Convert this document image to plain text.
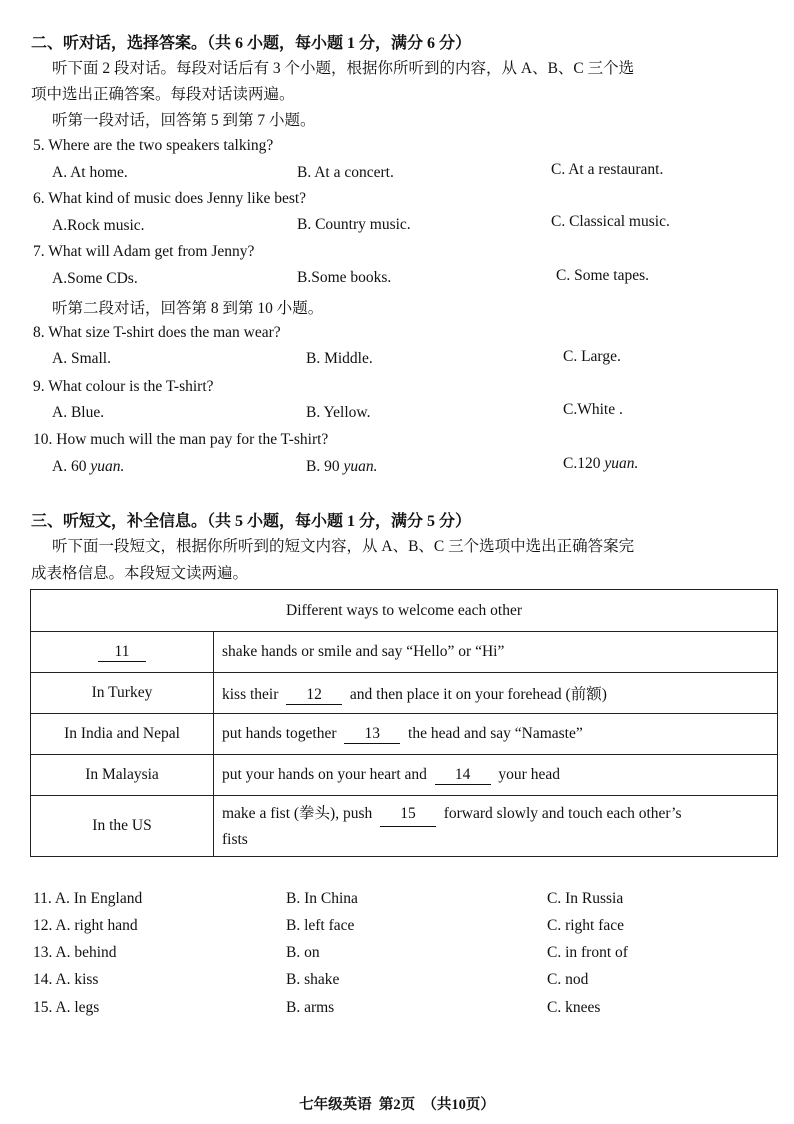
二、听对话，选择答案。（共 6 小题，每小题 1 分，满分 6 分）
听下面 2 段对话。每段对话后有 3 个小题，根据你所听到的内容，从 A、B、C 三个选
项中选出正确答案。每段对话读两遍。
听第一段对话，回答第 5 到第 7 小题。
5. Where are the two speakers talking?
A. At home.	B. At a concert.	C. At a restaurant.
6. What kind of music does Jenny like best?
A.Rock music.	B. Country music.	C. Classical music.
7. What will Adam get from Jenny?
A.Some CDs.	B.Some books.	C. Some tapes.
听第二段对话，回答第 8 到第 10 小题。
8. What size T-shirt does the man wear?
A. Small.	B. Middle.	C. Large.
9. What colour is the T-shirt?
A. Blue.	B. Yellow.	C.White .
10. How much will the man pay for the T-shirt?
A. 60 yuan.	B. 90 yuan.	C.120 yuan.
三、听短文，补全信息。（共 5 小题，每小题 1 分，满分 5 分）
听下面一段短文，根据你所听到的短文内容，从 A、B、C 三个选项中选出正确答案完
成表格信息。本段短文读两遍。
Different ways to welcome each other	
11	shake hands or smile and say “Hello” or “Hi”
In Turkey	kiss their 12 and then place it on your forehead (前额)
In India and Nepal	put hands together 13 the head and say “Namaste”
In Malaysia	put your hands on your heart and 14 your head
In the US	make a fist (拳头), push 15 forward slowly and touch each other’s
fists
11. A. In England	B. In China	C. In Russia
12. A. right hand	B. left face	C. right face
13. A. behind	B. on	C. in front of
14. A. kiss	B. shake	C. nod
15. A. legs	B. arms	C. knees
七年级英语  第2页  （共10页）
